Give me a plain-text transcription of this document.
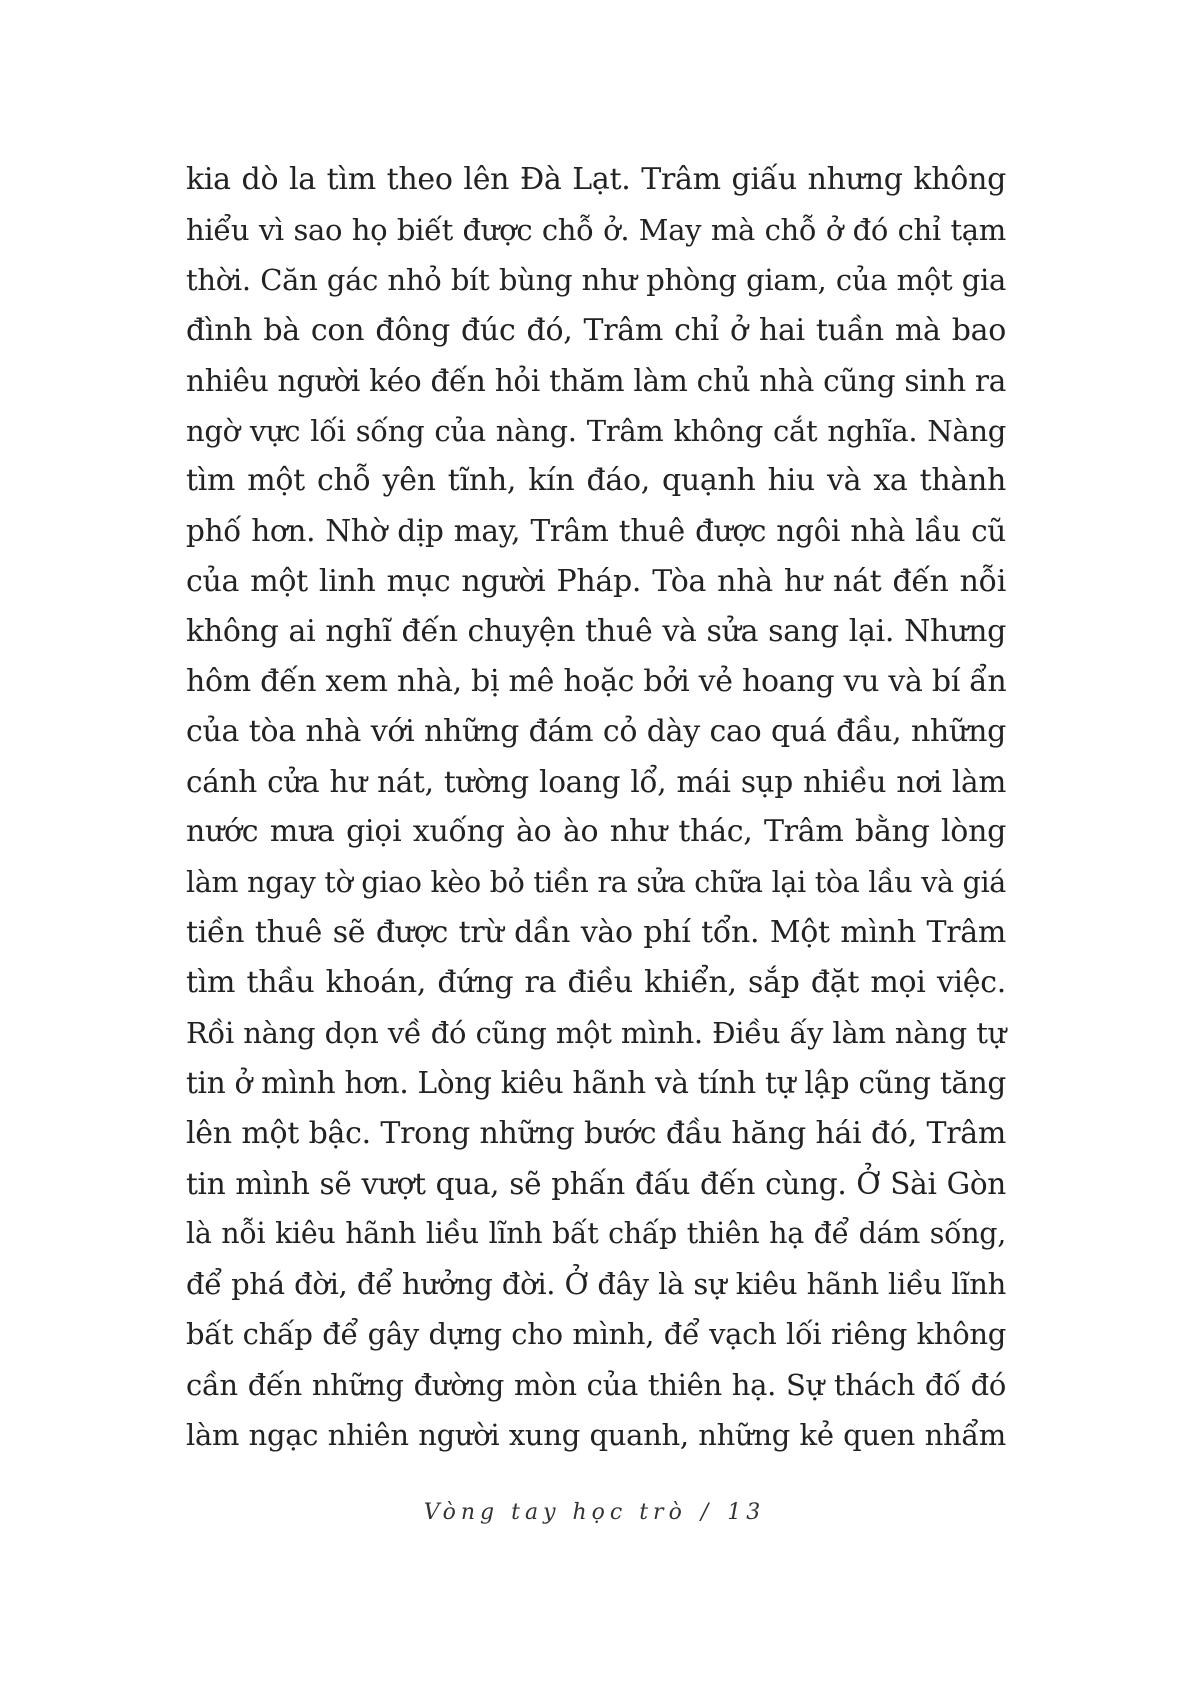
kia dò la tìm theo lên Đà Lạt. Trâm giấu nhưng không
hiểu vì sao họ biết được chỗ ở. May mà chỗ ở đó chỉ tạm
thời. Căn gác nhỏ bít bùng như phòng giam, của một gia
đình bà con đông đúc đó, Trâm chỉ ở hai tuần mà bao
nhiêu người kéo đến hỏi thăm làm chủ nhà cũng sinh ra
ngờ vực lối sống của nàng. Trâm không cắt nghĩa. Nàng
tìm một chỗ yên tĩnh, kín đáo, quạnh hiu và xa thành
phố hơn. Nhờ dịp may, Trâm thuê được ngôi nhà lầu cũ
của một linh mục người Pháp. Tòa nhà hư nát đến nỗi
không ai nghĩ đến chuyện thuê và sửa sang lại. Nhưng
hôm đến xem nhà, bị mê hoặc bởi vẻ hoang vu và bí ẩn
của tòa nhà với những đám cỏ dày cao quá đầu, những
cánh cửa hư nát, tường loang lổ, mái sụp nhiều nơi làm
nước mưa giọi xuống ào ào như thác, Trâm bằng lòng
làm ngay tờ giao kèo bỏ tiền ra sửa chữa lại tòa lầu và giá
tiền thuê sẽ được trừ dần vào phí tổn. Một mình Trâm
tìm thầu khoán, đứng ra điều khiển, sắp đặt mọi việc.
Rồi nàng dọn về đó cũng một mình. Điều ấy làm nàng tự
tin ở mình hơn. Lòng kiêu hãnh và tính tự lập cũng tăng
lên một bậc. Trong những bước đầu hăng hái đó, Trâm
tin mình sẽ vượt qua, sẽ phấn đấu đến cùng. Ở Sài Gòn
là nỗi kiêu hãnh liều lĩnh bất chấp thiên hạ để dám sống,
để phá đời, để hưởng đời. Ở đây là sự kiêu hãnh liều lĩnh
bất chấp để gây dựng cho mình, để vạch lối riêng không
cần đến những đường mòn của thiên hạ. Sự thách đố đó
làm ngạc nhiên người xung quanh, những kẻ quen nhẩm
Vòng tay học trò / 13
